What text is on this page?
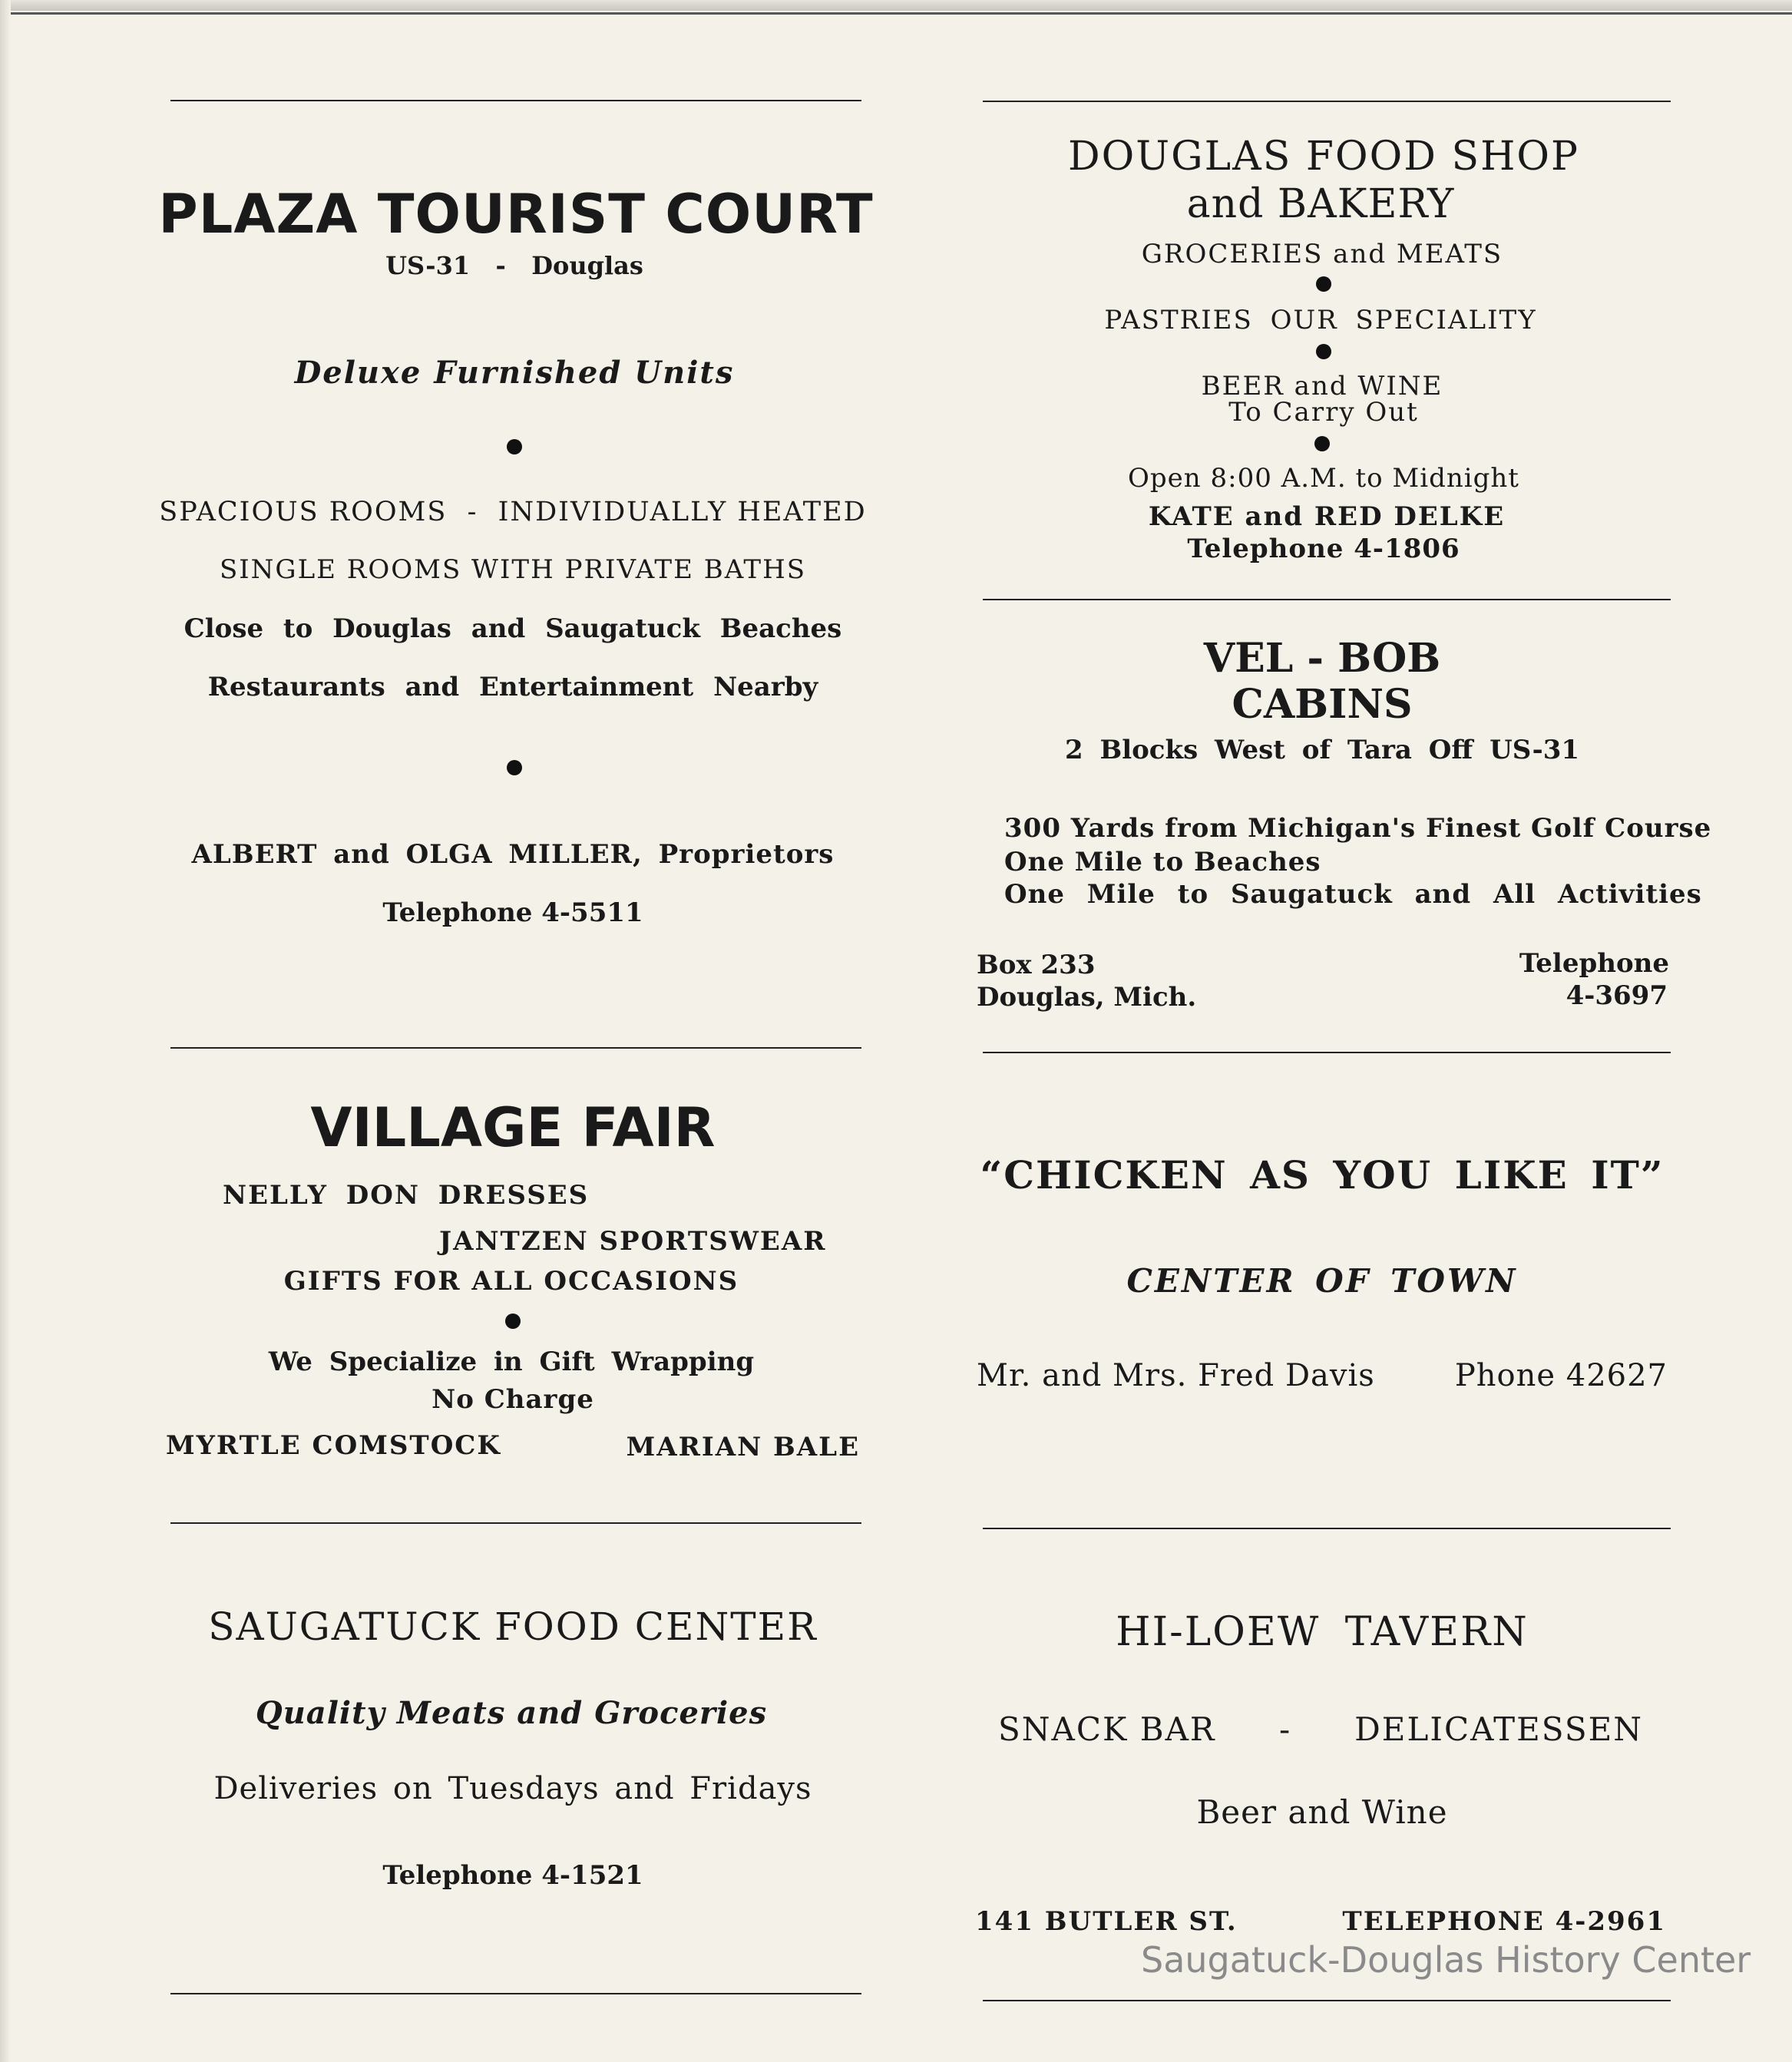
PLAZA TOURIST COURT

US-31   -   Douglas

Deluxe Furnished Units

SPACIOUS ROOMS  -  INDIVIDUALLY HEATED

SINGLE ROOMS WITH PRIVATE BATHS

Close to Douglas and Saugatuck Beaches

Restaurants and Entertainment Nearby

ALBERT and OLGA MILLER, Proprietors

Telephone 4-5511

VILLAGE FAIR

NELLY DON DRESSES

JANTZEN SPORTSWEAR

GIFTS FOR ALL OCCASIONS

We Specialize in Gift Wrapping

No Charge

MYRTLE COMSTOCK	MARIAN BALE

SAUGATUCK FOOD CENTER

Quality Meats and Groceries

Deliveries on Tuesdays and Fridays

Telephone 4-1521

DOUGLAS FOOD SHOP

and BAKERY

GROCERIES and MEATS

PASTRIES OUR SPECIALITY

BEER and WINE

To Carry Out

Open 8:00 A.M. to Midnight

KATE and RED DELKE

Telephone 4-1806

VEL - BOB

CABINS

2 Blocks West of Tara Off US-31

300 Yards from Michigan's Finest Golf Course

One Mile to Beaches

One Mile to Saugatuck and All Activities

Box 233

Douglas, Mich.

Telephone

4-3697

“CHICKEN AS YOU LIKE IT”

CENTER OF TOWN

Mr. and Mrs. Fred Davis	Phone 42627

HI-LOEW TAVERN

SNACK BAR - DELICATESSEN

Beer and Wine

141 BUTLER ST.	TELEPHONE 4-2961

Saugatuck-Douglas History Center
